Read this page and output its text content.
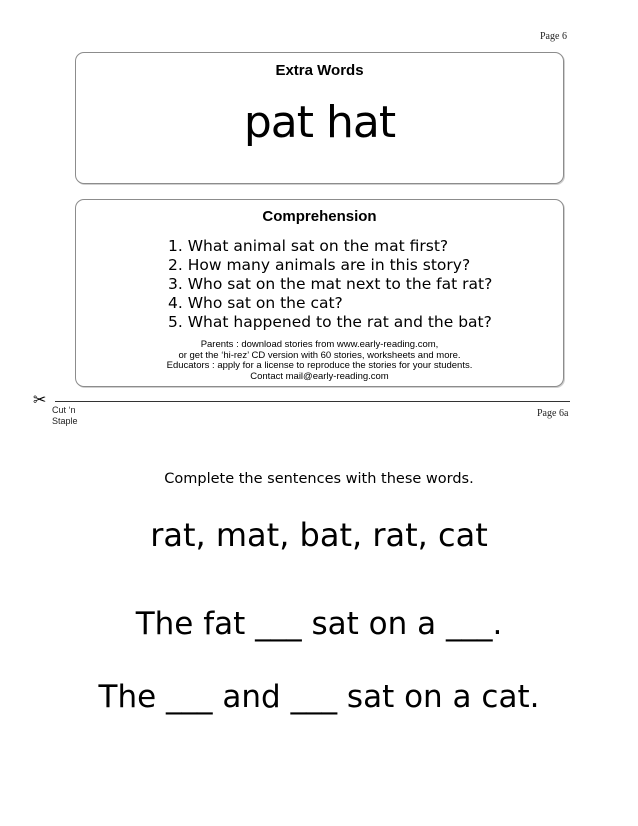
Page 6
Extra Words
pat hat
Comprehension
1. What animal sat on the mat first?
2. How many animals are in this story?
3. Who sat on the mat next to the fat rat?
4. Who sat on the cat?
5. What happened to the rat and the bat?
Parents : download stories from www.early-reading.com,
or get the ‘hi-rez’ CD version with 60 stories, worksheets and more.
Educators : apply for a license to reproduce the stories for your students.
Contact mail@early-reading.com
✂
Cut ‘n
Staple
Page 6a
Complete the sentences with these words.
rat, mat, bat, rat, cat
The fat ___ sat on a ___.
The ___ and ___ sat on a cat.
